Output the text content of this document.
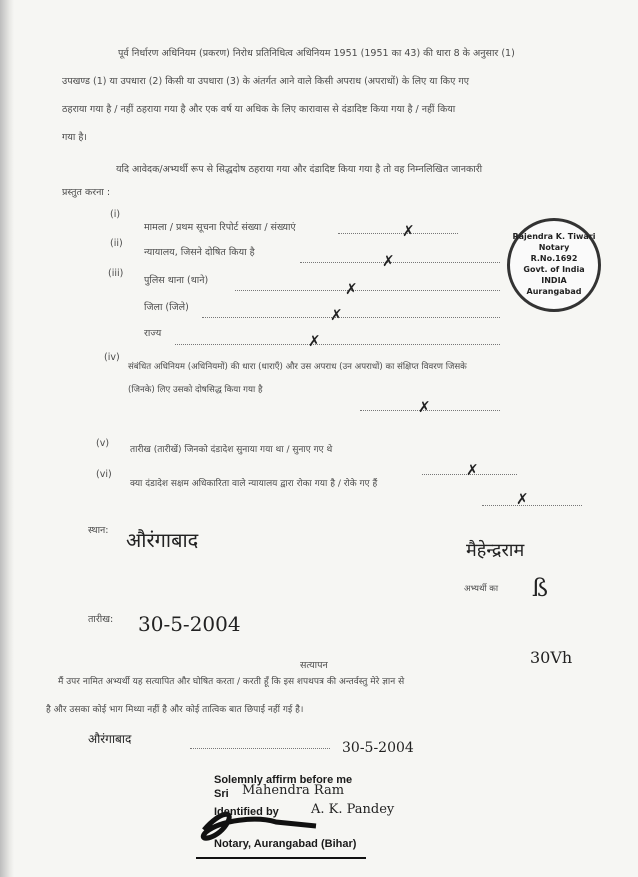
पूर्व निर्धारण अधिनियम (प्रकरण) निरोध प्रतिनिधित्व अधिनियम 1951 (1951 का 43) की धारा 8 के अनुसार (1)
उपखण्ड (1) या उपधारा (2) किसी या उपधारा (3) के अंतर्गत आने वाले किसी अपराध (अपराधों) के लिए या किए गए
ठहराया गया है / नहीं ठहराया गया है और एक वर्ष या अधिक के लिए कारावास से दंडादिष्ट किया गया है / नहीं किया
गया है।
यदि आवेदक/अभ्यर्थी रूप से सिद्धदोष ठहराया गया और दंडादिष्ट किया गया है तो वह निम्नलिखित जानकारी
प्रस्तुत करना :
(i)
मामला / प्रथम सूचना रिपोर्ट संख्या / संख्याएं	✗
(ii)
न्यायालय, जिसने दोषित किया है	✗
(iii)
पुलिस थाना (थाने)	✗
जिला (जिले)	✗
राज्य	✗
(iv)
संबंधित अधिनियम (अधिनियमों) की धारा (धाराएँ) और उस अपराध (उन अपराधों) का संक्षिप्त विवरण जिसके
(जिनके) लिए उसको दोषसिद्ध किया गया है
✗
(v)
तारीख (तारीखें) जिनको दंडादेश सुनाया गया था / सुनाए गए थे
✗
(vi)
क्या दंडादेश सक्षम अधिकारिता वाले न्यायालय द्वारा रोका गया है / रोके गए हैं
✗
स्थान: औरंगाबाद	मैहेन्द्रराम
अभ्यर्थी का ß
तारीख: 30-5-2004
सत्यापन	30Vh
मैं उपर नामित अभ्यर्थी यह सत्यापित और घोषित करता / करती हूँ कि इस शपथपत्र की अन्तर्वस्तु मेरे ज्ञान से
है और उसका कोई भाग मिथ्या नहीं है और कोई तात्विक बात छिपाई नहीं गई है।
औरंगाबाद
30-5-2004
Rajendra K. Tiwari
Notary
R.No.1692
Govt. of India
INDIA
Aurangabad
Solemnly affirm before me
Sri Mahendra Ram
Identified by A. K. Pandey
Notary, Aurangabad (Bihar)
